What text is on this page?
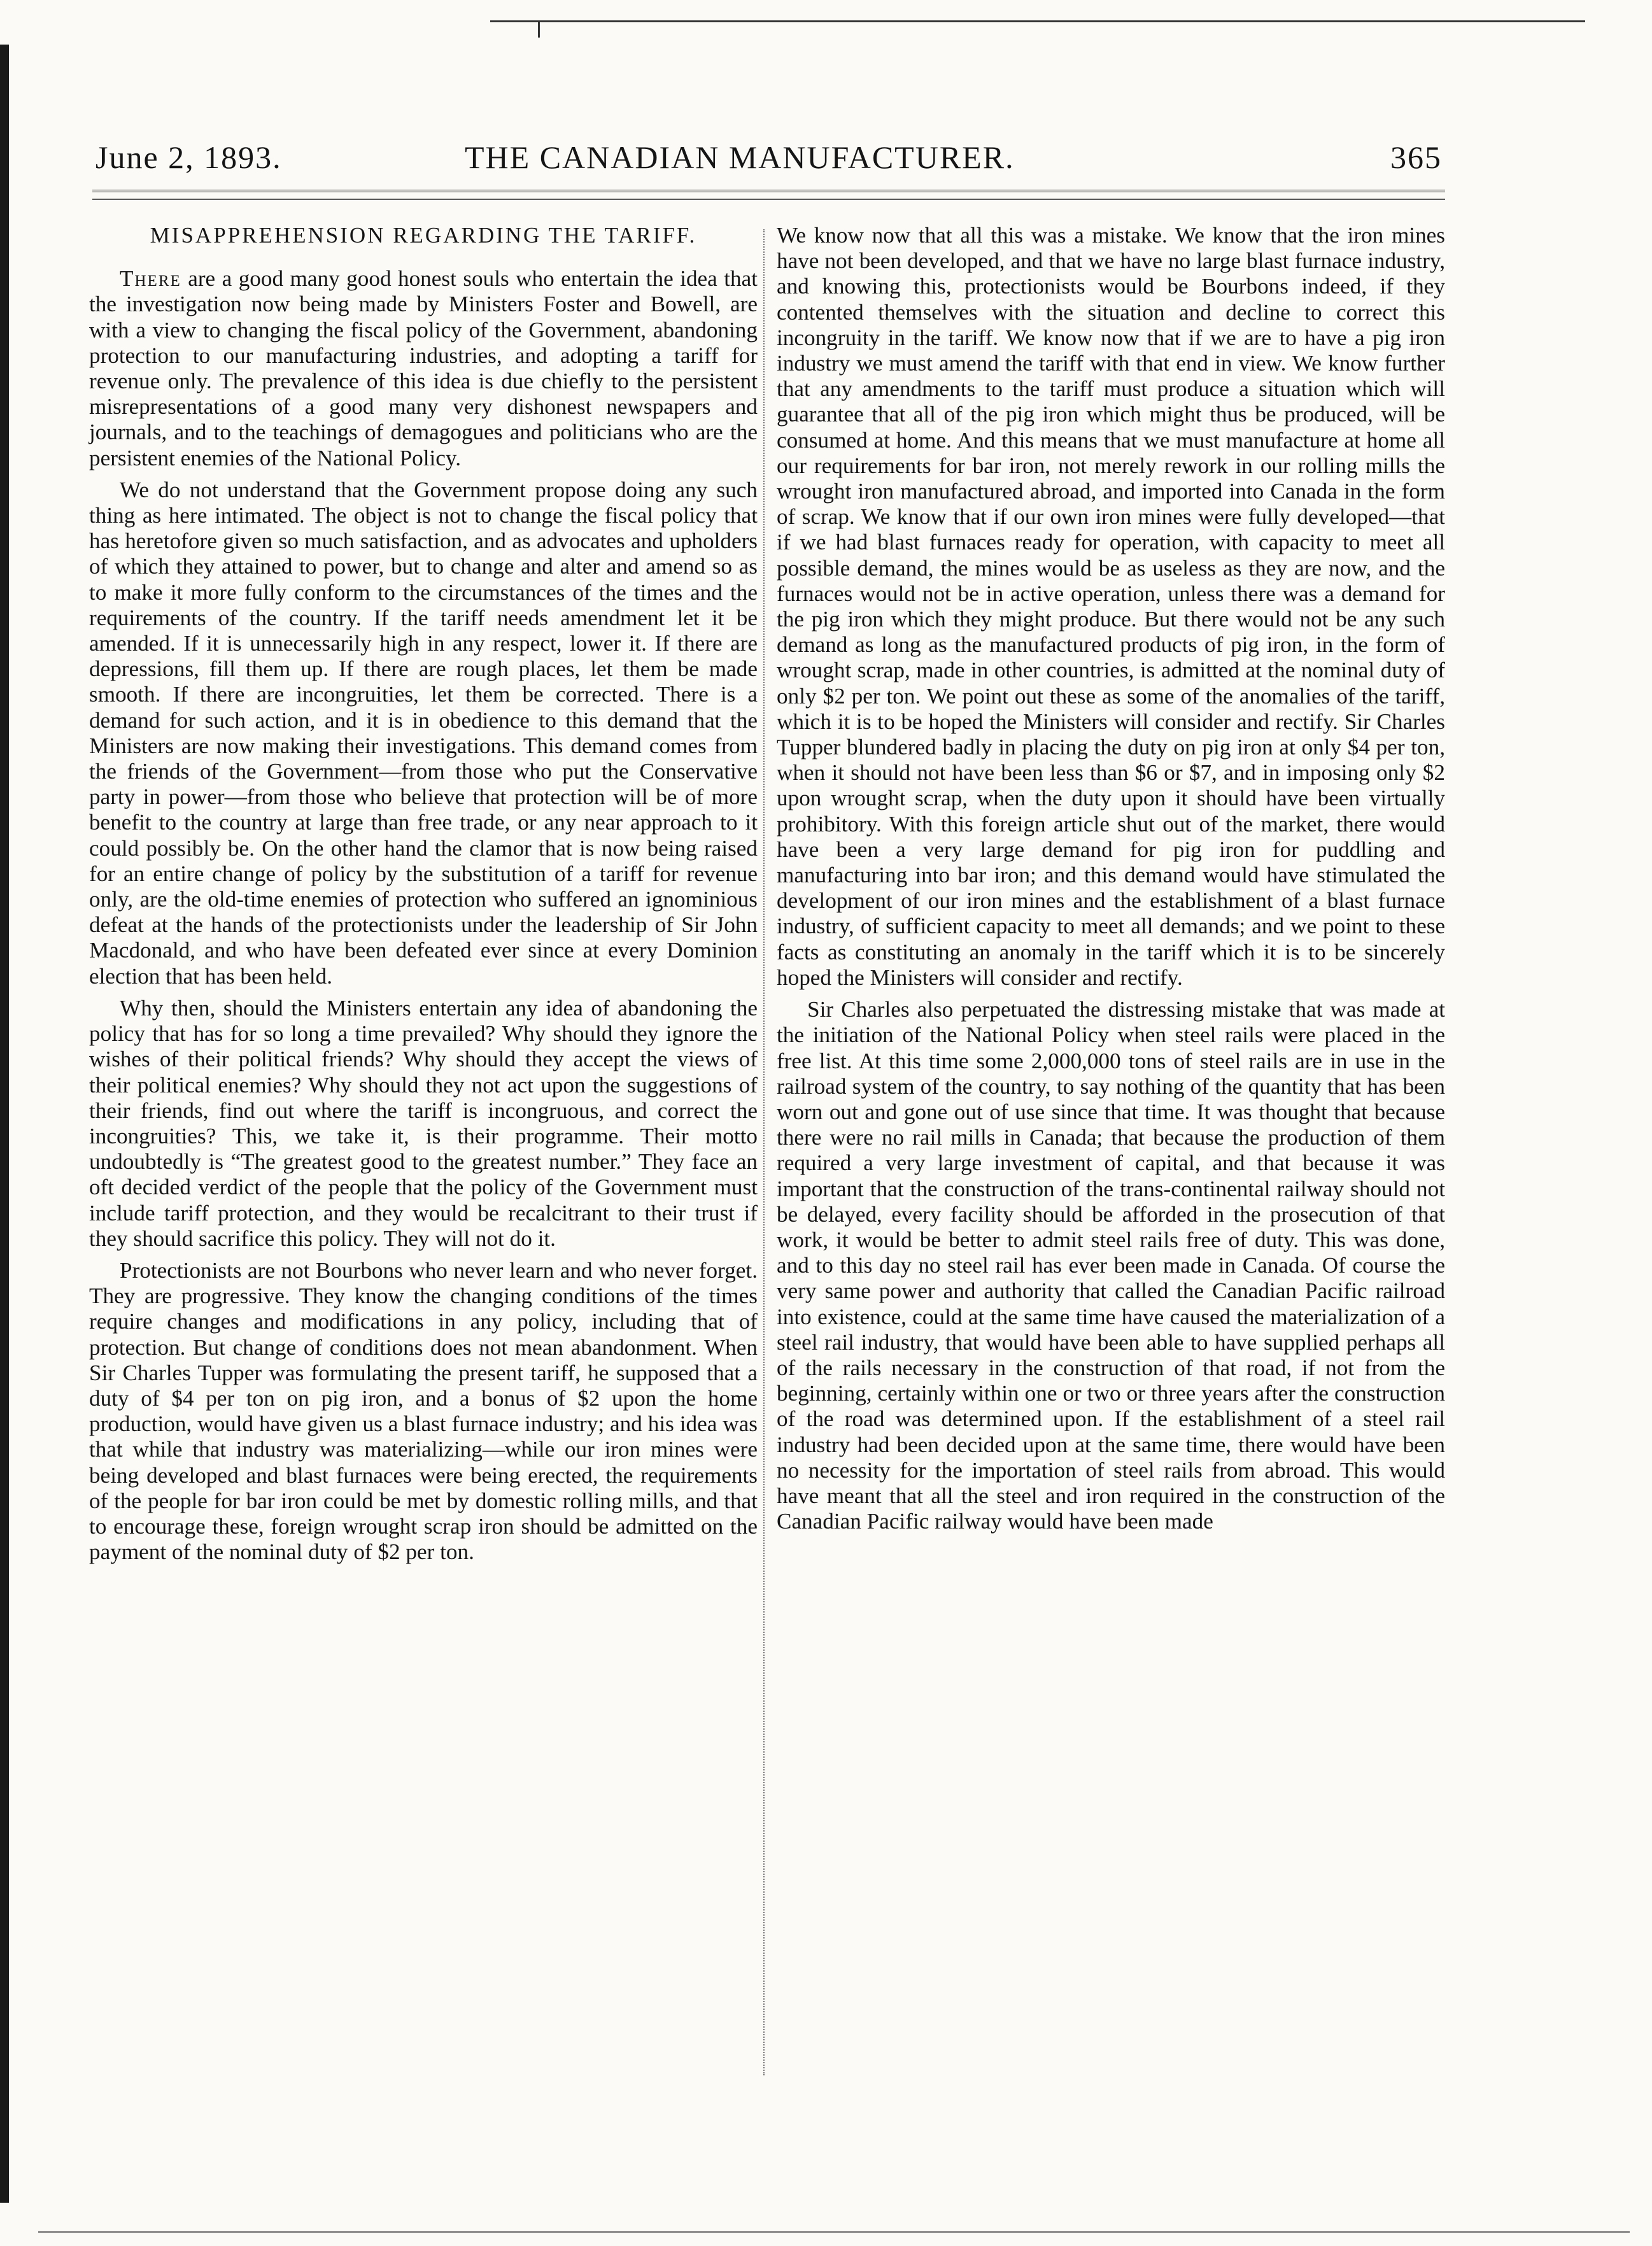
June 2, 1893.	THE CANADIAN MANUFACTURER.	365
MISAPPREHENSION REGARDING THE TARIFF.

There are a good many good honest souls who entertain the idea that the investigation now being made by Ministers Foster and Bowell, are with a view to changing the fiscal policy of the Government, abandoning protection to our manufacturing industries, and adopting a tariff for revenue only. The prevalence of this idea is due chiefly to the persistent misrepresentations of a good many very dishonest newspapers and journals, and to the teachings of demagogues and politicians who are the persistent enemies of the National Policy.

We do not understand that the Government propose doing any such thing as here intimated. The object is not to change the fiscal policy that has heretofore given so much satisfaction, and as advocates and upholders of which they attained to power, but to change and alter and amend so as to make it more fully conform to the circumstances of the times and the requirements of the country. If the tariff needs amendment let it be amended. If it is unnecessarily high in any respect, lower it. If there are depressions, fill them up. If there are rough places, let them be made smooth. If there are incongruities, let them be corrected. There is a demand for such action, and it is in obedience to this demand that the Ministers are now making their investigations. This demand comes from the friends of the Government—from those who put the Conservative party in power—from those who believe that protection will be of more benefit to the country at large than free trade, or any near approach to it could possibly be. On the other hand the clamor that is now being raised for an entire change of policy by the substitution of a tariff for revenue only, are the old-time enemies of protection who suffered an ignominious defeat at the hands of the protectionists under the leadership of Sir John Macdonald, and who have been defeated ever since at every Dominion election that has been held.

Why then, should the Ministers entertain any idea of abandoning the policy that has for so long a time prevailed? Why should they ignore the wishes of their political friends? Why should they accept the views of their political enemies? Why should they not act upon the suggestions of their friends, find out where the tariff is incongruous, and correct the incongruities? This, we take it, is their programme. Their motto undoubtedly is “The greatest good to the greatest number.” They face an oft decided verdict of the people that the policy of the Government must include tariff protection, and they would be recalcitrant to their trust if they should sacrifice this policy. They will not do it.

Protectionists are not Bourbons who never learn and who never forget. They are progressive. They know the changing conditions of the times require changes and modifications in any policy, including that of protection. But change of conditions does not mean abandonment. When Sir Charles Tupper was formulating the present tariff, he supposed that a duty of $4 per ton on pig iron, and a bonus of $2 upon the home production, would have given us a blast furnace industry; and his idea was that while that industry was materializing—while our iron mines were being developed and blast furnaces were being erected, the requirements of the people for bar iron could be met by domestic rolling mills, and that to encourage these, foreign wrought scrap iron should be admitted on the payment of the nominal duty of $2 per ton.

We know now that all this was a mistake. We know that the iron mines have not been developed, and that we have no large blast furnace industry, and knowing this, protectionists would be Bourbons indeed, if they contented themselves with the situation and decline to correct this incongruity in the tariff. We know now that if we are to have a pig iron industry we must amend the tariff with that end in view. We know further that any amendments to the tariff must produce a situation which will guarantee that all of the pig iron which might thus be produced, will be consumed at home. And this means that we must manufacture at home all our requirements for bar iron, not merely rework in our rolling mills the wrought iron manufactured abroad, and imported into Canada in the form of scrap. We know that if our own iron mines were fully developed—that if we had blast furnaces ready for operation, with capacity to meet all possible demand, the mines would be as useless as they are now, and the furnaces would not be in active operation, unless there was a demand for the pig iron which they might produce. But there would not be any such demand as long as the manufactured products of pig iron, in the form of wrought scrap, made in other countries, is admitted at the nominal duty of only $2 per ton. We point out these as some of the anomalies of the tariff, which it is to be hoped the Ministers will consider and rectify. Sir Charles Tupper blundered badly in placing the duty on pig iron at only $4 per ton, when it should not have been less than $6 or $7, and in imposing only $2 upon wrought scrap, when the duty upon it should have been virtually prohibitory. With this foreign article shut out of the market, there would have been a very large demand for pig iron for puddling and manufacturing into bar iron; and this demand would have stimulated the development of our iron mines and the establishment of a blast furnace industry, of sufficient capacity to meet all demands; and we point to these facts as constituting an anomaly in the tariff which it is to be sincerely hoped the Ministers will consider and rectify.

Sir Charles also perpetuated the distressing mistake that was made at the initiation of the National Policy when steel rails were placed in the free list. At this time some 2,000,000 tons of steel rails are in use in the railroad system of the country, to say nothing of the quantity that has been worn out and gone out of use since that time. It was thought that because there were no rail mills in Canada; that because the production of them required a very large investment of capital, and that because it was important that the construction of the trans-continental railway should not be delayed, every facility should be afforded in the prosecution of that work, it would be better to admit steel rails free of duty. This was done, and to this day no steel rail has ever been made in Canada. Of course the very same power and authority that called the Canadian Pacific railroad into existence, could at the same time have caused the materialization of a steel rail industry, that would have been able to have supplied perhaps all of the rails necessary in the construction of that road, if not from the beginning, certainly within one or two or three years after the construction of the road was determined upon. If the establishment of a steel rail industry had been decided upon at the same time, there would have been no necessity for the importation of steel rails from abroad. This would have meant that all the steel and iron required in the construction of the Canadian Pacific railway would have been made
